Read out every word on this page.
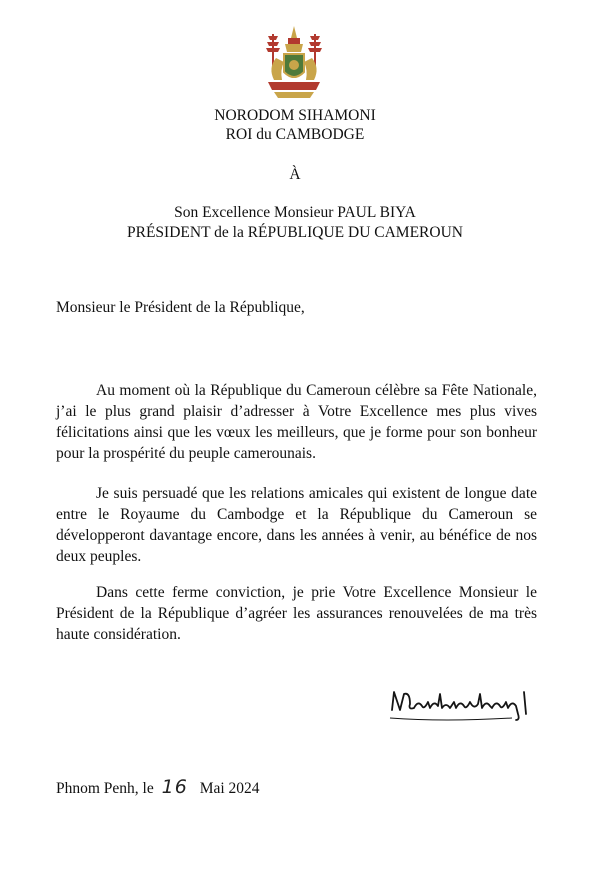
NORODOM SIHAMONI
ROI du CAMBODGE
À
Son Excellence Monsieur PAUL BIYA
PRÉSIDENT de la RÉPUBLIQUE DU CAMEROUN
Monsieur le Président de la République,

Au moment où la République du Cameroun célèbre sa Fête Nationale, j’ai le plus grand plaisir d’adresser à Votre Excellence mes plus vives félicitations ainsi que les vœux les meilleurs, que je forme pour son bonheur pour la prospérité du peuple camerounais.

Je suis persuadé que les relations amicales qui existent de longue date entre le Royaume du Cambodge et la République du Cameroun se développeront davantage encore, dans les années à venir, au bénéfice de nos deux peuples.

Dans cette ferme conviction, je prie Votre Excellence Monsieur le Président de la République d’agréer les assurances renouvelées de ma très haute considération.

Phnom Penh, le 16 Mai 2024
